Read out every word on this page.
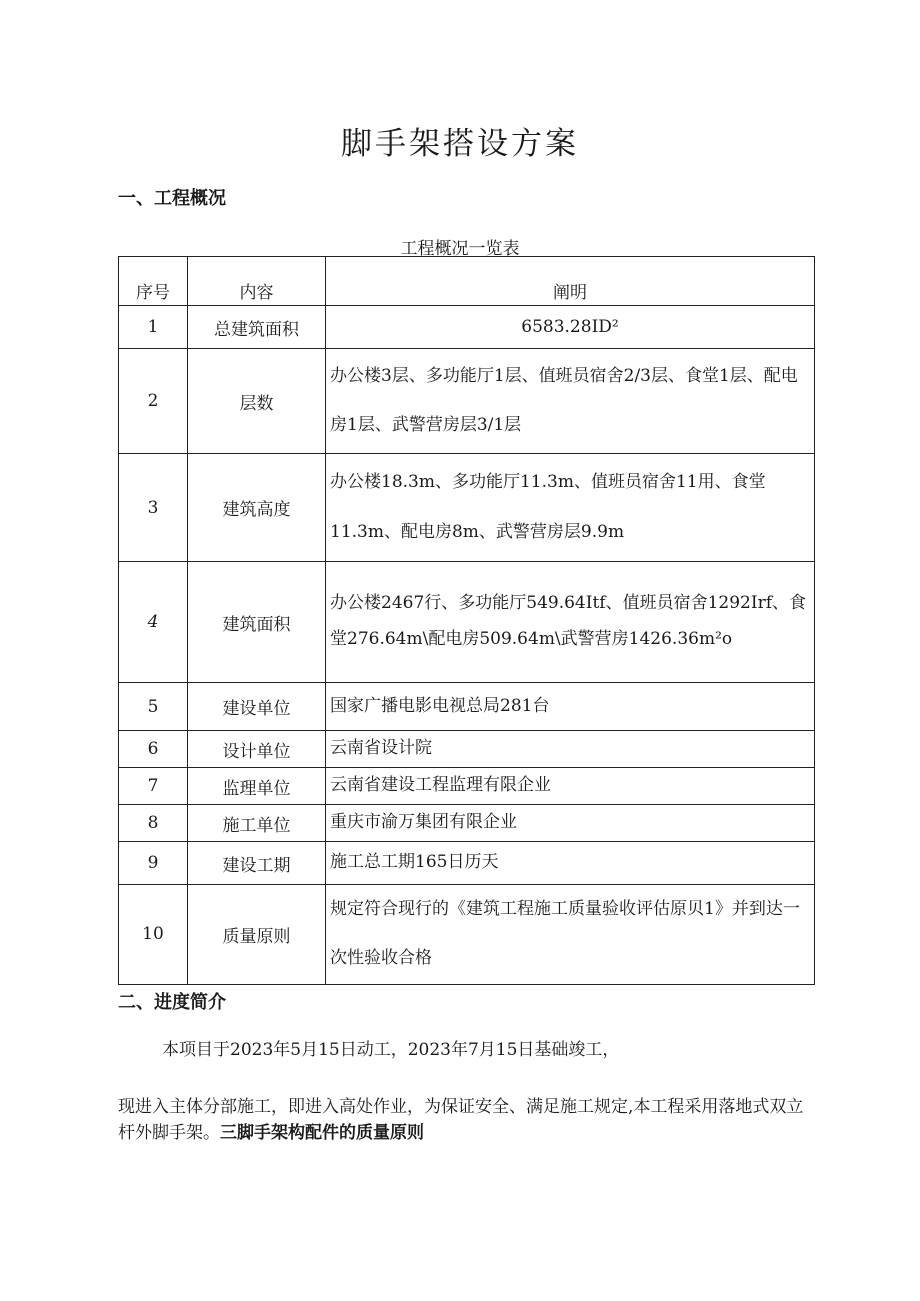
脚手架搭设方案
一、工程概况
工程概况一览表
序号	内容	阐明
1	总建筑面积	6583.28ID²
2	层数	办公楼3层、多功能厅1层、值班员宿舍2/3层、食堂1层、配电房1层、武警营房层3/1层
3	建筑高度	办公楼18.3m、多功能厅11.3m、值班员宿舍11用、食堂11.3m、配电房8m、武警营房层9.9m
4	建筑面积	办公楼2467行、多功能厅549.64Itf、值班员宿舍1292Irf、食堂276.64m\配电房509.64m\武警营房1426.36m²o
5	建设单位	国家广播电影电视总局281台
6	设计单位	云南省设计院
7	监理单位	云南省建设工程监理有限企业
8	施工单位	重庆市渝万集团有限企业
9	建设工期	施工总工期165日历天
10	质量原则	规定符合现行的《建筑工程施工质量验收评估原贝1》并到达一次性验收合格
二、进度简介
本项目于2023年5月15日动工，2023年7月15日基础竣工，
现进入主体分部施工，即进入高处作业，为保证安全、满足施工规定,本工程采用落地式双立杆外脚手架。三脚手架构配件的质量原则
